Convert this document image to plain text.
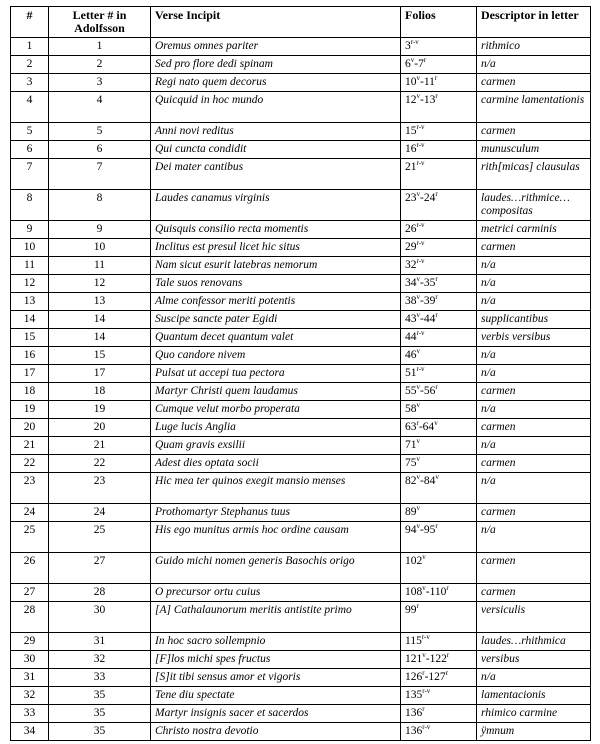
#	Letter # in Adolfsson	Verse Incipit	Folios	Descriptor in letter
1	1	Oremus omnes pariter	3$^{r-v}$	rithmico
2	2	Sed pro flore dedi spinam	6$^v$-7$^r$	n/a
3	3	Regi nato quem decorus	10$^v$-11$^r$	carmen
4	4	Quicquid in hoc mundo	12$^v$-13$^r$	carmine lamentationis
5	5	Anni novi reditus	15$^{r-v}$	carmen
6	6	Qui cuncta condidit	16$^{r-v}$	munusculum
7	7	Dei mater cantibus	21$^{r-v}$	rith[micas] clausulas
8	8	Laudes canamus virginis	23$^v$-24$^r$	laudes…rithmice… compositas
9	9	Quisquis consilio recta momentis	26$^{r-v}$	metrici carminis
10	10	Inclitus est presul licet hic situs	29$^{r-v}$	carmen
11	11	Nam sicut esurit latebras nemorum	32$^{r-v}$	n/a
12	12	Tale suos renovans	34$^v$-35$^r$	n/a
13	13	Alme confessor meriti potentis	38$^v$-39$^r$	n/a
14	14	Suscipe sancte pater Egidi	43$^v$-44$^r$	supplicantibus
15	14	Quantum decet quantum valet	44$^{r-v}$	verbis versibus
16	15	Quo candore nivem	46$^v$	n/a
17	17	Pulsat ut accepi tua pectora	51$^{r-v}$	n/a
18	18	Martyr Christi quem laudamus	55$^v$-56$^r$	carmen
19	19	Cumque velut morbo properata	58$^v$	n/a
20	20	Luge lucis Anglia	63$^r$-64$^v$	carmen
21	21	Quam gravis exsilii	71$^v$	n/a
22	22	Adest dies optata socii	75$^v$	carmen
23	23	Hic mea ter quinos exegit mansio menses	82$^v$-84$^v$	n/a
24	24	Prothomartyr Stephanus tuus	89$^v$	carmen
25	25	His ego munitus armis hoc ordine causam	94$^v$-95$^r$	n/a
26	27	Guido michi nomen generis Basochis origo	102$^v$	carmen
27	28	O precursor ortu cuius	108$^v$-110$^r$	carmen
28	30	[A] Cathalaunorum meritis antistite primo	99$^r$	versiculis
29	31	In hoc sacro sollempnio	115$^{r-v}$	laudes…rhithmica
30	32	[F]los michi spes fructus	121$^v$-122$^r$	versibus
31	33	[S]it tibi sensus amor et vigoris	126$^r$-127$^r$	n/a
32	35	Tene diu spectate	135$^{r-v}$	lamentacionis
33	35	Martyr insignis sacer et sacerdos	136$^r$	rhimico carmine
34	35	Christo nostra devotio	136$^{r-v}$	ÿmnum
